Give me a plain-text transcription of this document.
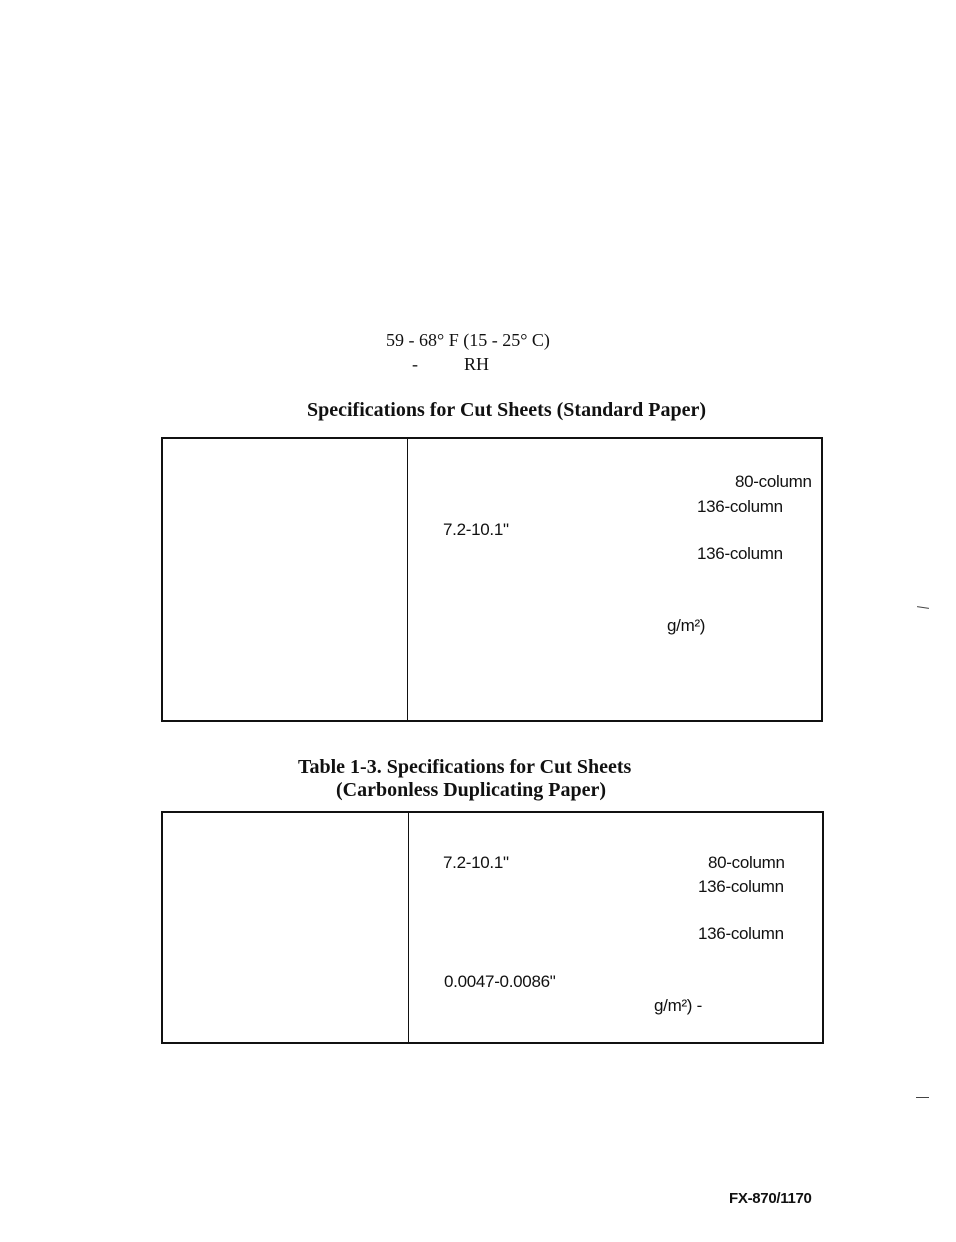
59 - 68° F (15 - 25° C)
-	RH
Specifications for Cut Sheets (Standard Paper)
80-column
136-column
7.2-10.1"
136-column
g/m²)
Table 1-3. Specifications for Cut Sheets
(Carbonless Duplicating Paper)
7.2-10.1"	80-column
136-column
136-column
0.0047-0.0086"
g/m²) -
FX-870/1170
